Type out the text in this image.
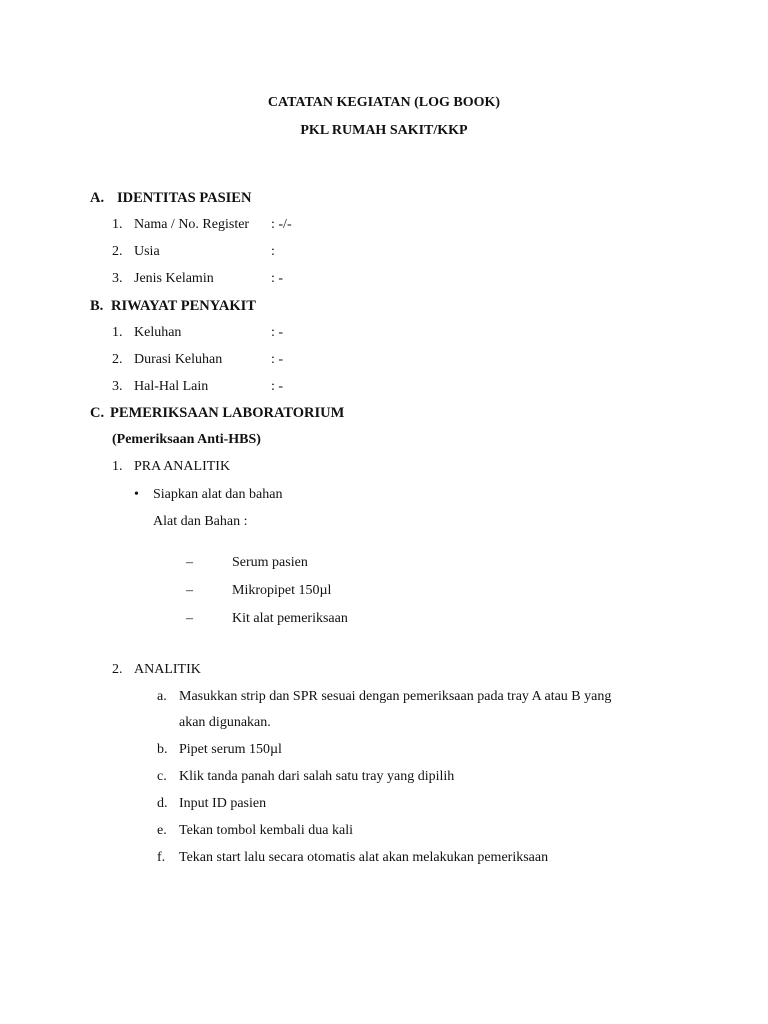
CATATAN KEGIATAN (LOG BOOK)
PKL RUMAH SAKIT/KKP
A. IDENTITAS PASIEN
1. Nama / No. Register : -/-
2. Usia	:
3. Jenis Kelamin	: -
B. RIWAYAT PENYAKIT
1. Keluhan	: -
2. Durasi Keluhan	: -
3. Hal-Hal Lain	: -
C. PEMERIKSAAN LABORATORIUM
(Pemeriksaan Anti-HBS)
1. PRA ANALITIK
• Siapkan alat dan bahan
Alat dan Bahan :
–	Serum pasien
–	Mikropipet 150µl
–	Kit alat pemeriksaan
2. ANALITIK
a. Masukkan strip dan SPR sesuai dengan pemeriksaan pada tray A atau B yang
akan digunakan.
b. Pipet serum 150µl
c. Klik tanda panah dari salah satu tray yang dipilih
d. Input ID pasien
e. Tekan tombol kembali dua kali
f. Tekan start lalu secara otomatis alat akan melakukan pemeriksaan
